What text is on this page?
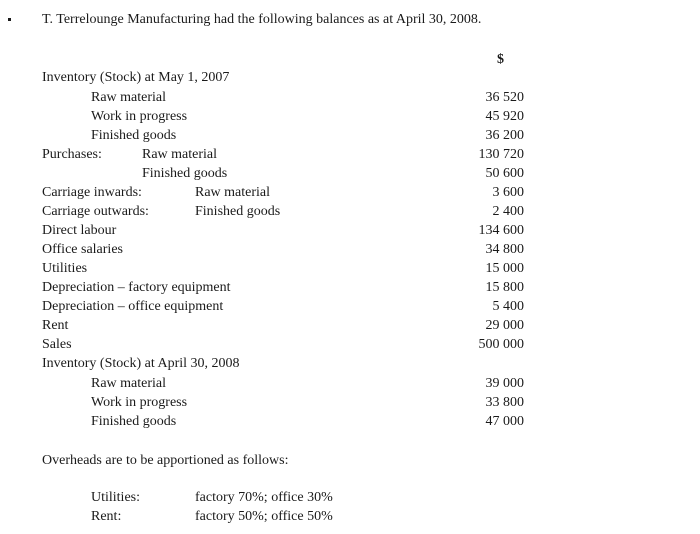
T. Terrelounge Manufacturing had the following balances as at April 30, 2008.
$
Inventory (Stock) at May 1, 2007
Raw material	36 520
Work in progress	45 920
Finished goods	36 200
Purchases:	Raw material	130 720
Finished goods	50 600
Carriage inwards:	Raw material	3 600
Carriage outwards:	Finished goods	2 400
Direct labour	134 600
Office salaries	34 800
Utilities	15 000
Depreciation – factory equipment	15 800
Depreciation – office equipment	5 400
Rent	29 000
Sales	500 000
Inventory (Stock) at April 30, 2008
Raw material	39 000
Work in progress	33 800
Finished goods	47 000
Overheads are to be apportioned as follows:
Utilities:	factory 70%; office 30%
Rent:	factory 50%; office 50%
